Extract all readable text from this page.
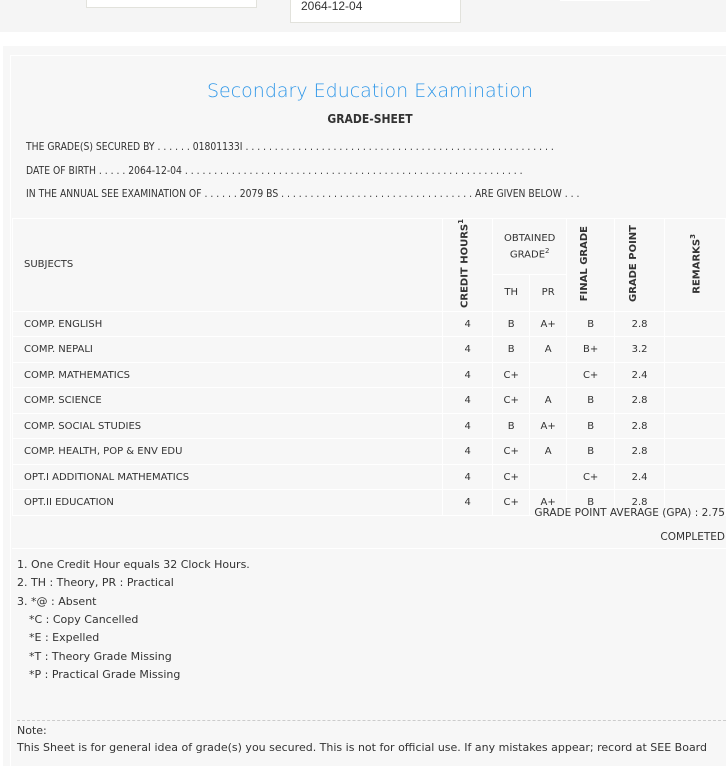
2064-12-04
Secondary Education Examination
GRADE-SHEET
THE GRADE(S) SECURED BY . . . . . . 01801133I . . . . . . . . . . . . . . . . . . . . . . . . . . . . . . . . . . . . . . . . . . . . . . . . . . . . .
DATE OF BIRTH . . . . . 2064-12-04 . . . . . . . . . . . . . . . . . . . . . . . . . . . . . . . . . . . . . . . . . . . . . . . . . . . . . . . . . .
IN THE ANNUAL SEE EXAMINATION OF . . . . . . 2079 BS . . . . . . . . . . . . . . . . . . . . . . . . . . . . . . . . . ARE GIVEN BELOW . . .
SUBJECTS	CREDIT HOURS$^1$	OBTAINED GRADE$^2$		FINAL GRADE	GRADE POINT	REMARKS$^3$
		TH	PR			
COMP. ENGLISH	4	B	A+	B	2.8	
COMP. NEPALI	4	B	A	B+	3.2	
COMP. MATHEMATICS	4	C+		C+	2.4	
COMP. SCIENCE	4	C+	A	B	2.8	
COMP. SOCIAL STUDIES	4	B	A+	B	2.8	
COMP. HEALTH, POP & ENV EDU	4	C+	A	B	2.8	
OPT.I ADDITIONAL MATHEMATICS	4	C+		C+	2.4	
OPT.II EDUCATION	4	C+	A+	B	2.8	
GRADE POINT AVERAGE (GPA) : 2.75
COMPLETED
1. One Credit Hour equals 32 Clock Hours.
2. TH : Theory, PR : Practical
3. *@ : Absent
*C : Copy Cancelled
*E : Expelled
*T : Theory Grade Missing
*P : Practical Grade Missing
Note:
This Sheet is for general idea of grade(s) you secured. This is not for official use. If any mistakes appear; record at SEE Board
